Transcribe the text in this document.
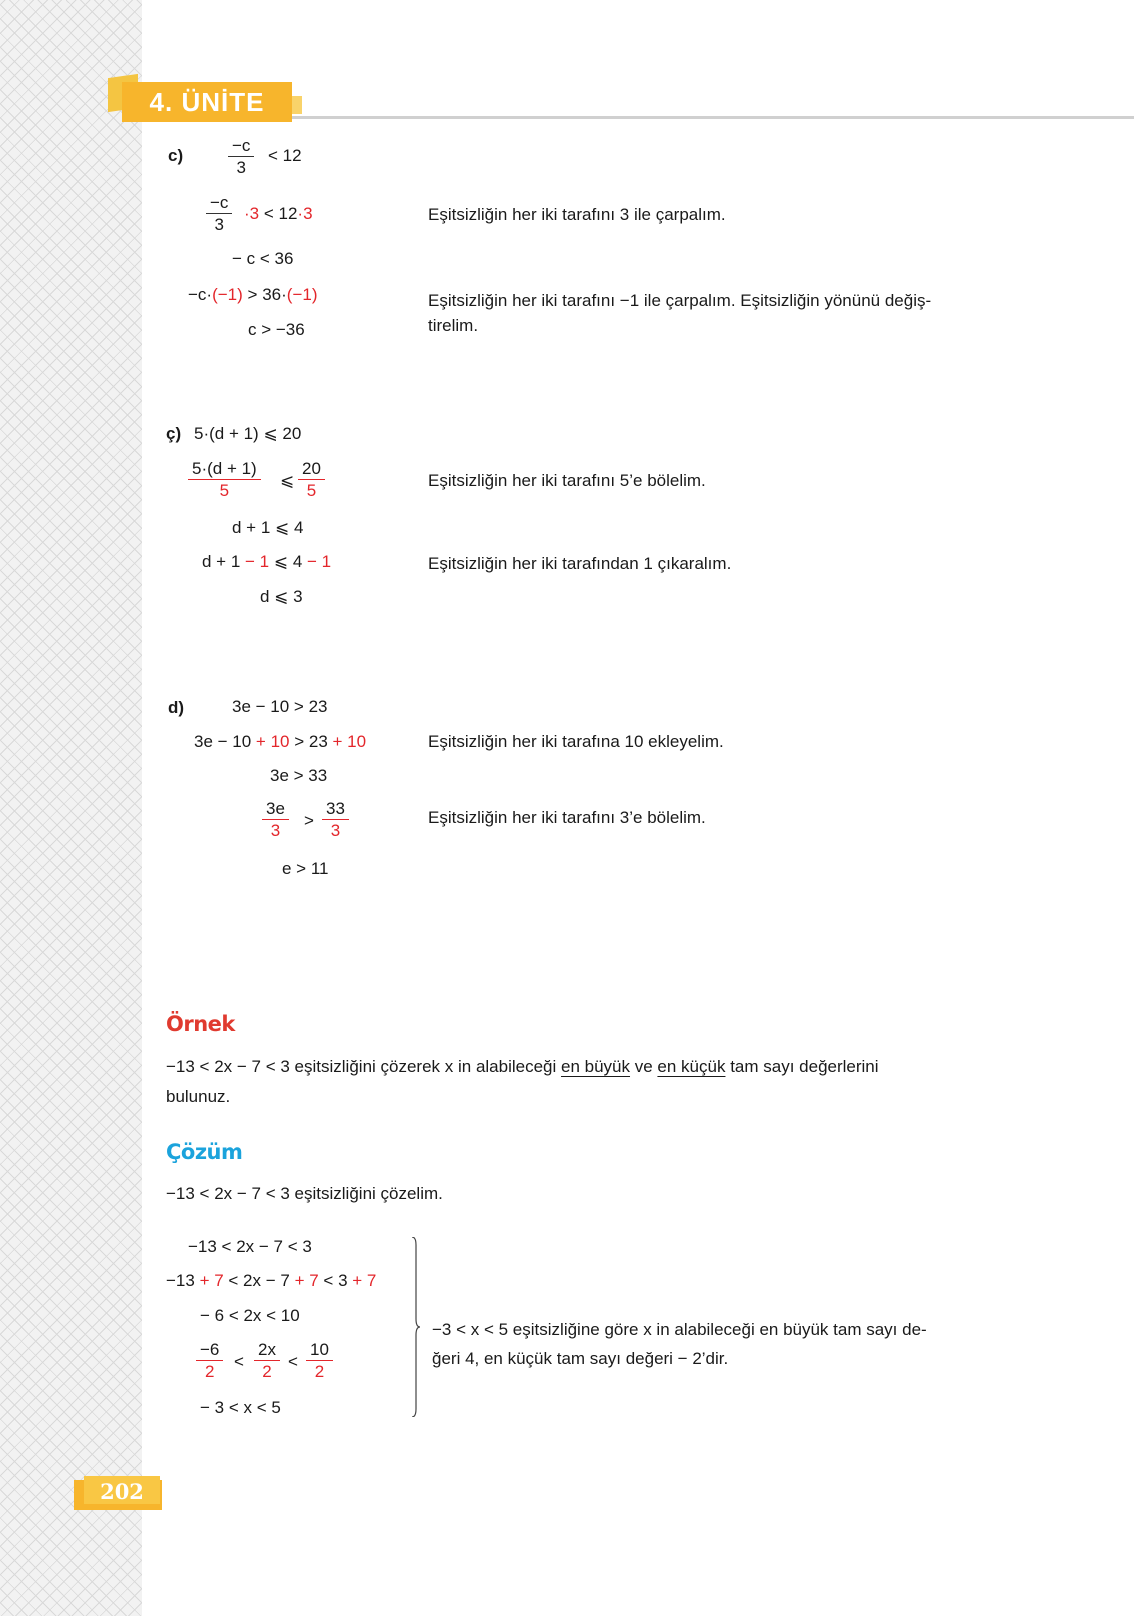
4. ÜNİTE
c)	$\frac{-c}{3} < 12$
$\frac{-c}{3} \cdot 3 < 12\cdot 3$	Eşitsizliğin her iki tarafını 3 ile çarpalım.
− c < 36
−c·(−1) > 36·(−1)	Eşitsizliğin her iki tarafını −1 ile çarpalım. Eşitsizliğin yönünü değiş-
tirelim.
c > −36
ç) 5·(d + 1) ⩽ 20
$\frac{5\cdot(d + 1)}{5}$ ⩽ $\frac{20}{5}$	Eşitsizliğin her iki tarafını 5’e bölelim.
d + 1 ⩽ 4
d + 1 − 1 ⩽ 4 − 1	Eşitsizliğin her iki tarafından 1 çıkaralım.
d ⩽ 3
d)	3e − 10 > 23
3e − 10 + 10 > 23 + 10	Eşitsizliğin her iki tarafına 10 ekleyelim.
3e > 33
$\frac{3e}{3} > \frac{33}{3}$	Eşitsizliğin her iki tarafını 3’e bölelim.
e > 11
Örnek
−13 < 2x − 7 < 3 eşitsizliğini çözerek x in alabileceği en büyük ve en küçük tam sayı değerlerini
bulunuz.
Çözüm
−13 < 2x − 7 < 3 eşitsizliğini çözelim.
−13 < 2x − 7 < 3
−13 + 7 < 2x − 7 + 7 < 3 + 7
− 6 < 2x < 10
$\frac{-6}{2} < \frac{2x}{2} < \frac{10}{2}$
− 3 < x < 5
−3 < x < 5 eşitsizliğine göre x in alabileceği en büyük tam sayı de-
ğeri 4, en küçük tam sayı değeri − 2’dir.
202
